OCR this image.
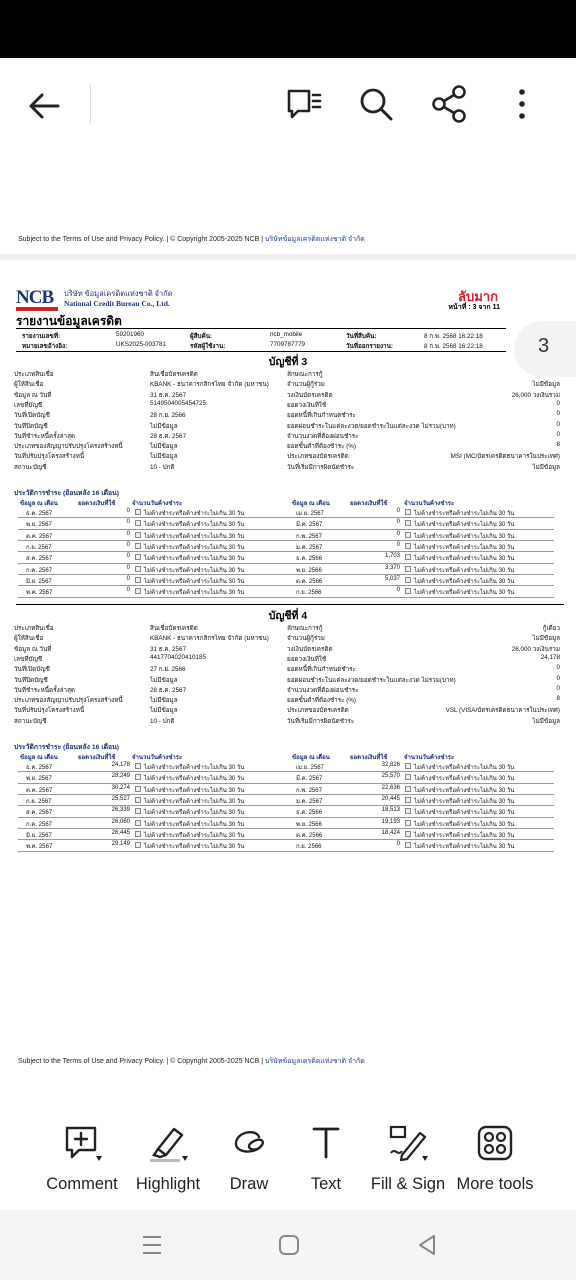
Subject to the Terms of Use and Privacy Policy. | © Copyright 2005-2025 NCB | บริษัทข้อมูลเครดิตแห่งชาติ จำกัด
NCB	บริษัท ข้อมูลเครดิตแห่งชาติ จำกัด
National Credit Bureau Co., Ltd.	ลับมาก
หน้าที่ : 3 จาก 11
รายงานข้อมูลเครดิต
รายงานเลขที่:	59201960	ผู้สืบค้น:	ncb_mobile	วันที่สืบค้น:	8 ก.พ. 2568 16:22:18
หมายเลขอ้างอิง:	UKS2025-003781	รหัสผู้ใช้งาน:	7709787779	วันที่ออกรายงาน:	8 ก.พ. 2568 16:22:18
บัญชีที่ 3
ประเภทสินเชื่อ	สินเชื่อบัตรเครดิต
ผู้ให้สินเชื่อ	KBANK - ธนาคารกสิกรไทย จำกัด (มหาชน)
ข้อมูล ณ วันที่	31 ธ.ค. 2567
เลขที่บัญชี	5149504005454725
วันที่เปิดบัญชี	28 ก.ย. 2566
วันที่ปิดบัญชี	ไม่มีข้อมูล
วันที่ชำระหนี้ครั้งล่าสุด	28 ธ.ค. 2567
ประเภทของสัญญาปรับปรุงโครงสร้างหนี้	ไม่มีข้อมูล
วันที่ปรับปรุงโครงสร้างหนี้	ไม่มีข้อมูล
สถานะบัญชี	10 - ปกติ
ลักษณะการกู้
จำนวนผู้กู้ร่วม	ไม่มีข้อมูล
วงเงินบัตรเครดิต	26,000 วงเงินรวม
ยอดวงเงินที่ใช้	0
ยอดหนี้ที่เกินกำหนดชำระ	0
ยอดผ่อนชำระในแต่ละงวด/ยอดชำระในแต่ละงวด ไม่รวม(บาท)	0
จำนวนงวดที่ต้องผ่อนชำระ	0
ยอดขั้นต่ำที่ต้องชำระ (%)	8
ประเภทของบัตรเครดิต	MSI (MC/บัตรเครดิตธนาคารในประเทศ)
วันที่เริ่มมีการผิดนัดชำระ	ไม่มีข้อมูล
ประวัติการชำระ (ย้อนหลัง 16 เดือน)
ข้อมูล ณ เดือน	ยอดวงเงินที่ใช้	จำนวนวันค้างชำระ	ข้อมูล ณ เดือน	ยอดวงเงินที่ใช้	จำนวนวันค้างชำระ
ธ.ค. 2567	0 ไม่ค้างชำระหรือค้างชำระไม่เกิน 30 วัน	เม.ย. 2567	0 ไม่ค้างชำระหรือค้างชำระไม่เกิน 30 วัน
พ.ย. 2567	0 ไม่ค้างชำระหรือค้างชำระไม่เกิน 30 วัน	มี.ค. 2567	0 ไม่ค้างชำระหรือค้างชำระไม่เกิน 30 วัน
ต.ค. 2567	0 ไม่ค้างชำระหรือค้างชำระไม่เกิน 30 วัน	ก.พ. 2567	0 ไม่ค้างชำระหรือค้างชำระไม่เกิน 30 วัน
ก.ย. 2567	0 ไม่ค้างชำระหรือค้างชำระไม่เกิน 30 วัน	ม.ค. 2567	0 ไม่ค้างชำระหรือค้างชำระไม่เกิน 30 วัน
ส.ค. 2567	0 ไม่ค้างชำระหรือค้างชำระไม่เกิน 30 วัน	ธ.ค. 2566	1,703 ไม่ค้างชำระหรือค้างชำระไม่เกิน 30 วัน
ก.ค. 2567	0 ไม่ค้างชำระหรือค้างชำระไม่เกิน 30 วัน	พ.ย. 2566	3,370 ไม่ค้างชำระหรือค้างชำระไม่เกิน 30 วัน
มิ.ย. 2567	0 ไม่ค้างชำระหรือค้างชำระไม่เกิน 30 วัน	ต.ค. 2566	5,037 ไม่ค้างชำระหรือค้างชำระไม่เกิน 30 วัน
พ.ค. 2567	0 ไม่ค้างชำระหรือค้างชำระไม่เกิน 30 วัน	ก.ย. 2566	0 ไม่ค้างชำระหรือค้างชำระไม่เกิน 30 วัน
บัญชีที่ 4
ประเภทสินเชื่อ	สินเชื่อบัตรเครดิต
ผู้ให้สินเชื่อ	KBANK - ธนาคารกสิกรไทย จำกัด (มหาชน)
ข้อมูล ณ วันที่	31 ธ.ค. 2567
เลขที่บัญชี	4417704020410185
วันที่เปิดบัญชี	27 ก.ย. 2566
วันที่ปิดบัญชี	ไม่มีข้อมูล
วันที่ชำระหนี้ครั้งล่าสุด	28 ธ.ค. 2567
ประเภทของสัญญาปรับปรุงโครงสร้างหนี้	ไม่มีข้อมูล
วันที่ปรับปรุงโครงสร้างหนี้	ไม่มีข้อมูล
สถานะบัญชี	10 - ปกติ
ลักษณะการกู้	กู้เดี่ยว
จำนวนผู้กู้ร่วม	ไม่มีข้อมูล
วงเงินบัตรเครดิต	26,000 วงเงินรวม
ยอดวงเงินที่ใช้	24,178
ยอดหนี้ที่เกินกำหนดชำระ	0
ยอดผ่อนชำระในแต่ละงวด/ยอดชำระในแต่ละงวด ไม่รวม(บาท)	0
จำนวนงวดที่ต้องผ่อนชำระ	0
ยอดขั้นต่ำที่ต้องชำระ (%)	8
ประเภทของบัตรเครดิต	VSL (VISA/บัตรเครดิตธนาคารในประเทศ)
วันที่เริ่มมีการผิดนัดชำระ	ไม่มีข้อมูล
ประวัติการชำระ (ย้อนหลัง 16 เดือน)
ข้อมูล ณ เดือน	ยอดวงเงินที่ใช้	จำนวนวันค้างชำระ	ข้อมูล ณ เดือน	ยอดวงเงินที่ใช้	จำนวนวันค้างชำระ
ธ.ค. 2567	24,178 ไม่ค้างชำระหรือค้างชำระไม่เกิน 30 วัน	เม.ย. 2567	32,826 ไม่ค้างชำระหรือค้างชำระไม่เกิน 30 วัน
พ.ย. 2567	28,249 ไม่ค้างชำระหรือค้างชำระไม่เกิน 30 วัน	มี.ค. 2567	25,570 ไม่ค้างชำระหรือค้างชำระไม่เกิน 30 วัน
ต.ค. 2567	30,274 ไม่ค้างชำระหรือค้างชำระไม่เกิน 30 วัน	ก.พ. 2567	22,636 ไม่ค้างชำระหรือค้างชำระไม่เกิน 30 วัน
ก.ย. 2567	25,527 ไม่ค้างชำระหรือค้างชำระไม่เกิน 30 วัน	ม.ค. 2567	20,445 ไม่ค้างชำระหรือค้างชำระไม่เกิน 30 วัน
ส.ค. 2567	26,339 ไม่ค้างชำระหรือค้างชำระไม่เกิน 30 วัน	ธ.ค. 2566	18,513 ไม่ค้างชำระหรือค้างชำระไม่เกิน 30 วัน
ก.ค. 2567	26,060 ไม่ค้างชำระหรือค้างชำระไม่เกิน 30 วัน	พ.ย. 2566	19,193 ไม่ค้างชำระหรือค้างชำระไม่เกิน 30 วัน
มิ.ย. 2567	26,445 ไม่ค้างชำระหรือค้างชำระไม่เกิน 30 วัน	ต.ค. 2566	18,424 ไม่ค้างชำระหรือค้างชำระไม่เกิน 30 วัน
พ.ค. 2567	29,149 ไม่ค้างชำระหรือค้างชำระไม่เกิน 30 วัน	ก.ย. 2566	0 ไม่ค้างชำระหรือค้างชำระไม่เกิน 30 วัน
Subject to the Terms of Use and Privacy Policy. | © Copyright 2005-2025 NCB | บริษัทข้อมูลเครดิตแห่งชาติ จำกัด
3
Comment	Highlight	Draw	Text	Fill & Sign More tools
